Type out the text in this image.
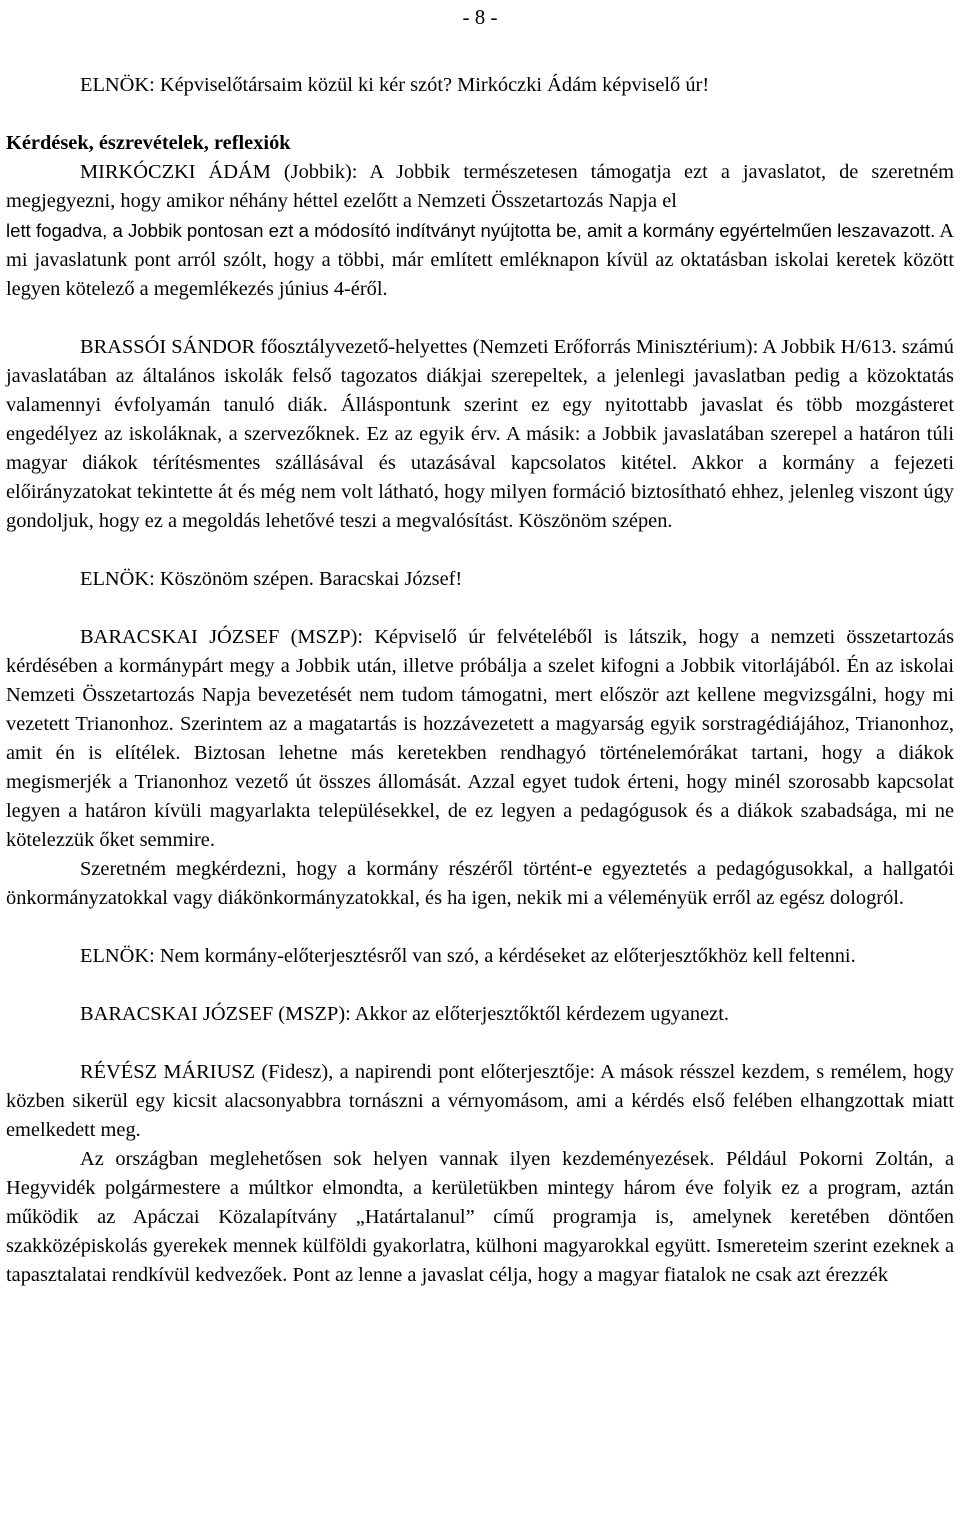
- 8 -

ELNÖK: Képviselőtársaim közül ki kér szót? Mirkóczki Ádám képviselő úr!

Kérdések, észrevételek, reflexiók

MIRKÓCZKI ÁDÁM (Jobbik): A Jobbik természetesen támogatja ezt a javaslatot, de szeretném megjegyezni, hogy amikor néhány héttel ezelőtt a Nemzeti Összetartozás Napja el

lett fogadva, a Jobbik pontosan ezt a módosító indítványt nyújtotta be, amit a kormány egyértelműen leszavazott. A mi javaslatunk pont arról szólt, hogy a többi, már említett emléknapon kívül az oktatásban iskolai keretek között legyen kötelező a megemlékezés június 4-éről.

BRASSÓI SÁNDOR főosztályvezető-helyettes (Nemzeti Erőforrás Minisztérium): A Jobbik H/613. számú javaslatában az általános iskolák felső tagozatos diákjai szerepeltek, a jelenlegi javaslatban pedig a közoktatás valamennyi évfolyamán tanuló diák. Álláspontunk szerint ez egy nyitottabb javaslat és több mozgásteret engedélyez az iskoláknak, a szervezőknek. Ez az egyik érv. A másik: a Jobbik javaslatában szerepel a határon túli magyar diákok térítésmentes szállásával és utazásával kapcsolatos kitétel. Akkor a kormány a fejezeti előirányzatokat tekintette át és még nem volt látható, hogy milyen formáció biztosítható ehhez, jelenleg viszont úgy gondoljuk, hogy ez a megoldás lehetővé teszi a megvalósítást. Köszönöm szépen.

ELNÖK: Köszönöm szépen. Baracskai József!

BARACSKAI JÓZSEF (MSZP): Képviselő úr felvételéből is látszik, hogy a nemzeti összetartozás kérdésében a kormánypárt megy a Jobbik után, illetve próbálja a szelet kifogni a Jobbik vitorlájából. Én az iskolai Nemzeti Összetartozás Napja bevezetését nem tudom támogatni, mert először azt kellene megvizsgálni, hogy mi vezetett Trianonhoz. Szerintem az a magatartás is hozzávezetett a magyarság egyik sorstragédiájához, Trianonhoz, amit én is elítélek. Biztosan lehetne más keretekben rendhagyó történelemórákat tartani, hogy a diákok megismerjék a Trianonhoz vezető út összes állomását. Azzal egyet tudok érteni, hogy minél szorosabb kapcsolat legyen a határon kívüli magyarlakta településekkel, de ez legyen a pedagógusok és a diákok szabadsága, mi ne kötelezzük őket semmire.

Szeretném megkérdezni, hogy a kormány részéről történt-e egyeztetés a pedagógusokkal, a hallgatói önkormányzatokkal vagy diákönkormányzatokkal, és ha igen, nekik mi a véleményük erről az egész dologról.

ELNÖK: Nem kormány-előterjesztésről van szó, a kérdéseket az előterjesztőkhöz kell feltenni.

BARACSKAI JÓZSEF (MSZP): Akkor az előterjesztőktől kérdezem ugyanezt.

RÉVÉSZ MÁRIUSZ (Fidesz), a napirendi pont előterjesztője: A mások résszel kezdem, s remélem, hogy közben sikerül egy kicsit alacsonyabbra tornászni a vérnyomásom, ami a kérdés első felében elhangzottak miatt emelkedett meg.

Az országban meglehetősen sok helyen vannak ilyen kezdeményezések. Például Pokorni Zoltán, a Hegyvidék polgármestere a múltkor elmondta, a kerületükben mintegy három éve folyik ez a program, aztán működik az Apáczai Közalapítvány „Határtalanul” című programja is, amelynek keretében döntően szakközépiskolás gyerekek mennek külföldi gyakorlatra, külhoni magyarokkal együtt. Ismereteim szerint ezeknek a tapasztalatai rendkívül kedvezőek. Pont az lenne a javaslat célja, hogy a magyar fiatalok ne csak azt érezzék
